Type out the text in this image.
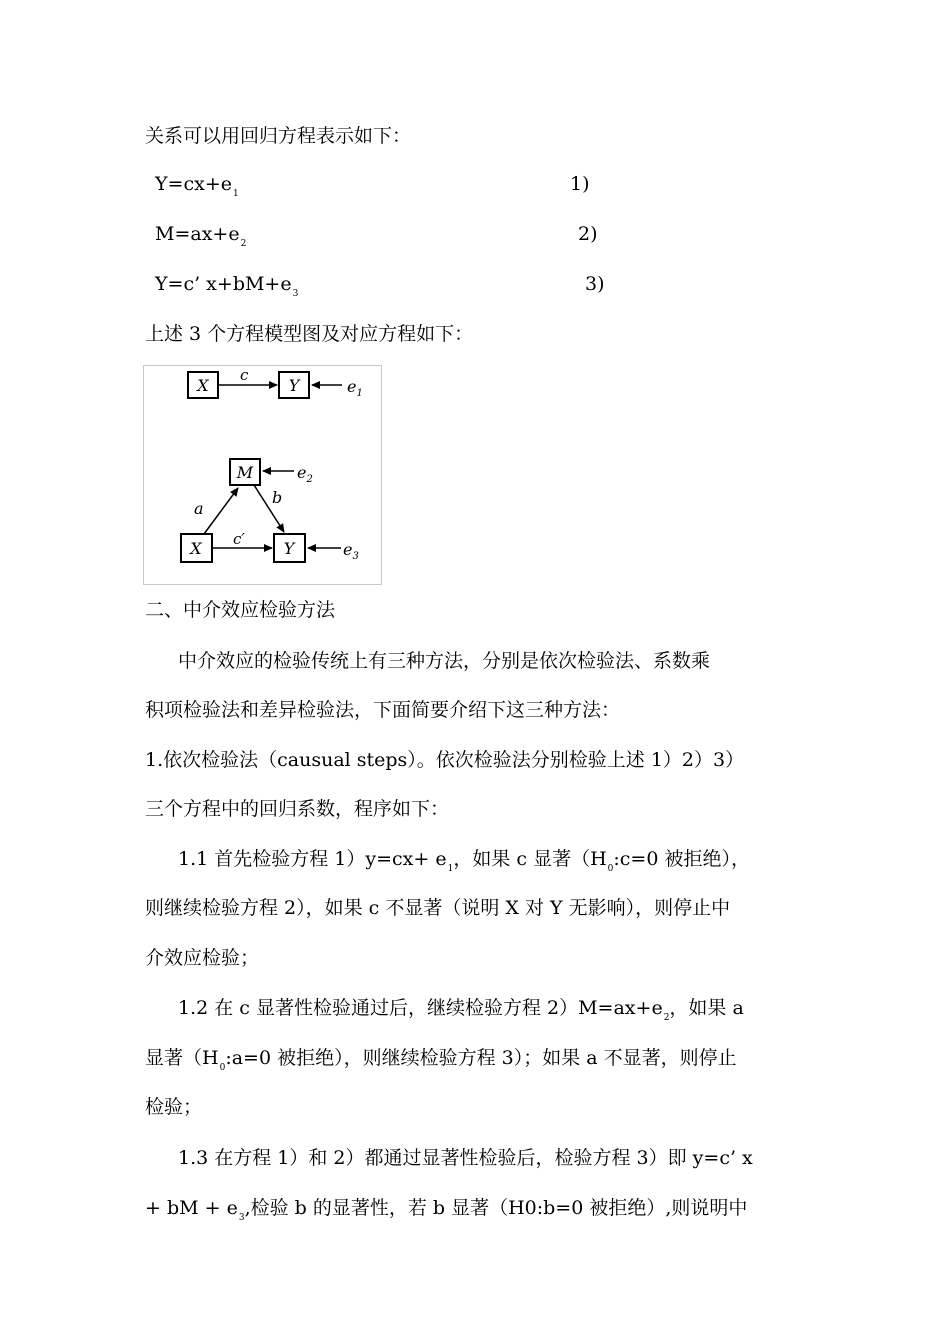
关系可以用回归方程表示如下：
$Y=cx+e_1$	1)
$M=ax+e_2$	2)
Y=c’ $x+bM+e_3$	3)
上述 3 个方程模型图及对应方程如下：
X
c
Y	$e_1$
M	$e_2$
X	Y
a
b
c′
$e_3$
二、中介效应检验方法
中介效应的检验传统上有三种方法，分别是依次检验法、系数乘
积项检验法和差异检验法，下面简要介绍下这三种方法：
1.依次检验法（causual steps）。依次检验法分别检验上述 1）2）3）
三个方程中的回归系数，程序如下：
1.1 首先检验方程 $1)y=cx+ e_1$，如果 c 显著（$H_0:c=0$ 被拒绝），
则继续检验方程 2），如果 c 不显著（说明 X 对 Y 无影响），则停止中
介效应检验；
1.2 在 c 显著性检验通过后，继续检验方程 $2)M=ax+e_2$，如果 a
显著（$H_0:a=0$ 被拒绝），则继续检验方程 3）；如果 a 不显著，则停止
检验；
1.3 在方程 1）和 2）都通过显著性检验后，检验方程 3）即 y=c’ x
+ bM + $e_3$,检验 b 的显著性，若 b 显著（H0:b=0 被拒绝）,则说明中
